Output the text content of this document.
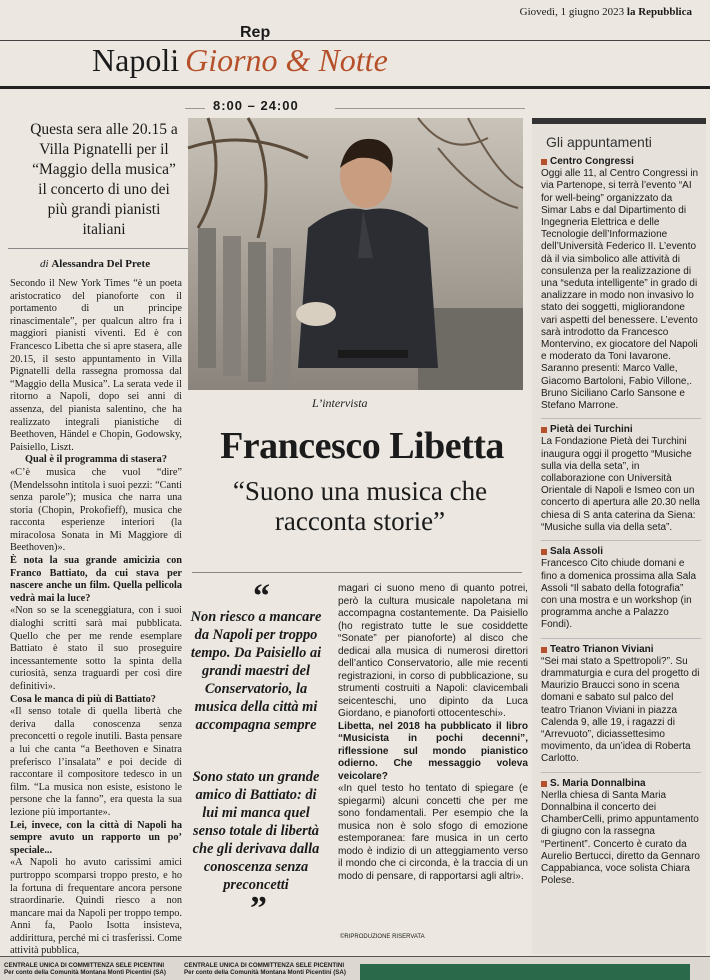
Giovedì, 1 giugno 2023 la Repubblica
Rep
Napoli Giorno & Notte
8:00 – 24:00
Questa sera alle 20.15 a Villa Pignatelli per il “Maggio della musica” il concerto di uno dei più grandi pianisti italiani
di Alessandra Del Prete

Secondo il New York Times “è un poeta aristocratico del pianoforte con il portamento di un principe rinascimentale”, per qualcun altro fra i maggiori pianisti viventi. Ed è con Francesco Libetta che si apre stasera, alle 20.15, il sesto appuntamento in Villa Pignatelli della rassegna promossa dal “Maggio della Musica”. La serata vede il ritorno a Napoli, dopo sei anni di assenza, del pianista salentino, che ha realizzato integrali pianistiche di Beethoven, Händel e Chopin, Godowsky, Paisiello, Liszt.

Qual è il programma di stasera?

«C’è musica che vuol “dire” (Mendelssohn intitola i suoi pezzi: “Canti senza parole”); musica che narra una storia (Chopin, Prokofieff), musica che racconta esperienze interiori (la miracolosa Sonata in Mi Maggiore di Beethoven)».

È nota la sua grande amicizia con Franco Battiato, da cui stava per nascere anche un film. Quella pellicola vedrà mai la luce?

«Non so se la sceneggiatura, con i suoi dialoghi scritti sarà mai pubblicata. Quello che per me rende esemplare Battiato è stato il suo proseguire incessantemente sotto la spinta della curiosità, senza traguardi per così dire definitivi».

Cosa le manca di più di Battiato?

«Il senso totale di quella libertà che deriva dalla conoscenza senza preconcetti o regole inutili. Basta pensare a lui che canta “a Beethoven e Sinatra preferisco l’insalata” e poi decide di raccontare il compositore tedesco in un film. “La musica non esiste, esistono le persone che la fanno”, era questa la sua lezione più importante».

Lei, invece, con la città di Napoli ha sempre avuto un rapporto un po’ speciale...

«A Napoli ho avuto carissimi amici purtroppo scomparsi troppo presto, e ho la fortuna di frequentare ancora persone straordinarie. Quindi riesco a non mancare mai da Napoli per troppo tempo. Anni fa, Paolo Isotta insisteva, addirittura, perché mi ci trasferissi. Come attività pubblica,

L’intervista
Francesco Libetta
“Suono una musica che racconta storie”
“
Non riesco a mancare da Napoli per troppo tempo. Da Paisiello ai grandi maestri del Conservatorio, la musica della città mi accompagna sempre
Sono stato un grande amico di Battiato: di lui mi manca quel senso totale di libertà che gli derivava dalla conoscenza senza preconcetti
”

magari ci suono meno di quanto potrei, però la cultura musicale napoletana mi accompagna costantemente. Da Paisiello (ho registrato tutte le sue cosiddette “Sonate” per pianoforte) al disco che dedicai alla musica di numerosi direttori dell’antico Conservatorio, alle mie recenti registrazioni, in corso di pubblicazione, su strumenti costruiti a Napoli: clavicembali seicenteschi, uno dipinto da Luca Giordano, e pianoforti ottocenteschi».

Libetta, nel 2018 ha pubblicato il libro “Musicista in pochi decenni”, riflessione sul mondo pianistico odierno. Che messaggio voleva veicolare?

«In quel testo ho tentato di spiegare (e spiegarmi) alcuni concetti che per me sono fondamentali. Per esempio che la musica non è solo sfogo di emozione estemporanea: fare musica in un certo modo è indizio di un atteggiamento verso il mondo che ci circonda, è la traccia di un modo di pensare, di rapportarsi agli altri».

©RIPRODUZIONE RISERVATA
Gli appuntamenti
Centro Congressi
Oggi alle 11, al Centro Congressi in via Partenope, si terrà l’evento “AI for well-being” organizzato da Simar Labs e dal Dipartimento di Ingegneria Elettrica e delle Tecnologie dell’Informazione dell’Università Federico II. L’evento dà il via simbolico alle attività di consulenza per la realizzazione di una “seduta intelligente” in grado di analizzare in modo non invasivo lo stato dei soggetti, migliorandone vari aspetti del benessere. L’evento sarà introdotto da Francesco Montervino, ex giocatore del Napoli e moderato da Toni Iavarone. Saranno presenti: Marco Valle, Giacomo Bartoloni, Fabio Villone,. Bruno Siciliano Carlo Sansone e Stefano Marrone.
Pietà dei Turchini
La Fondazione Pietà dei Turchini inaugura oggi il progetto “Musiche sulla via della seta”, in collaborazione con Università Orientale di Napoli e Ismeo con un concerto di apertura alle 20.30 nella chiesa di S anta caterina da Siena: “Musiche sulla via della seta”.
Sala Assoli
Francesco Cito chiude domani e fino a domenica prossima alla Sala Assoli “Il sabato della fotografia” con una mostra e un workshop (in programma anche a Palazzo Fondi).
Teatro Trianon Viviani
“Sei mai stato a Spettropoli?”. Su drammaturgia e cura del progetto di Maurizio Braucci sono in scena domani e sabato sul palco del teatro Trianon Viviani in piazza Calenda 9, alle 19, i ragazzi di “Arrevuoto”, diciassettesimo movimento, da un’idea di Roberta Carlotto.
S. Maria Donnalbina
Nerlla chiesa di Santa Maria Donnalbina il concerto dei ChamberCelli, primo appuntamento di giugno con la rassegna “Pertinent”. Concerto è curato da Aurelio Bertucci, diretto da Gennaro Cappabianca, voce solista Chiara Polese.
CENTRALE UNICA DI COMMITTENZA SELE PICENTINI
Per conto della Comunità Montana Monti Picentini (SA)
CENTRALE UNICA DI COMMITTENZA SELE PICENTINI
Per conto della Comunità Montana Monti Picentini (SA)
